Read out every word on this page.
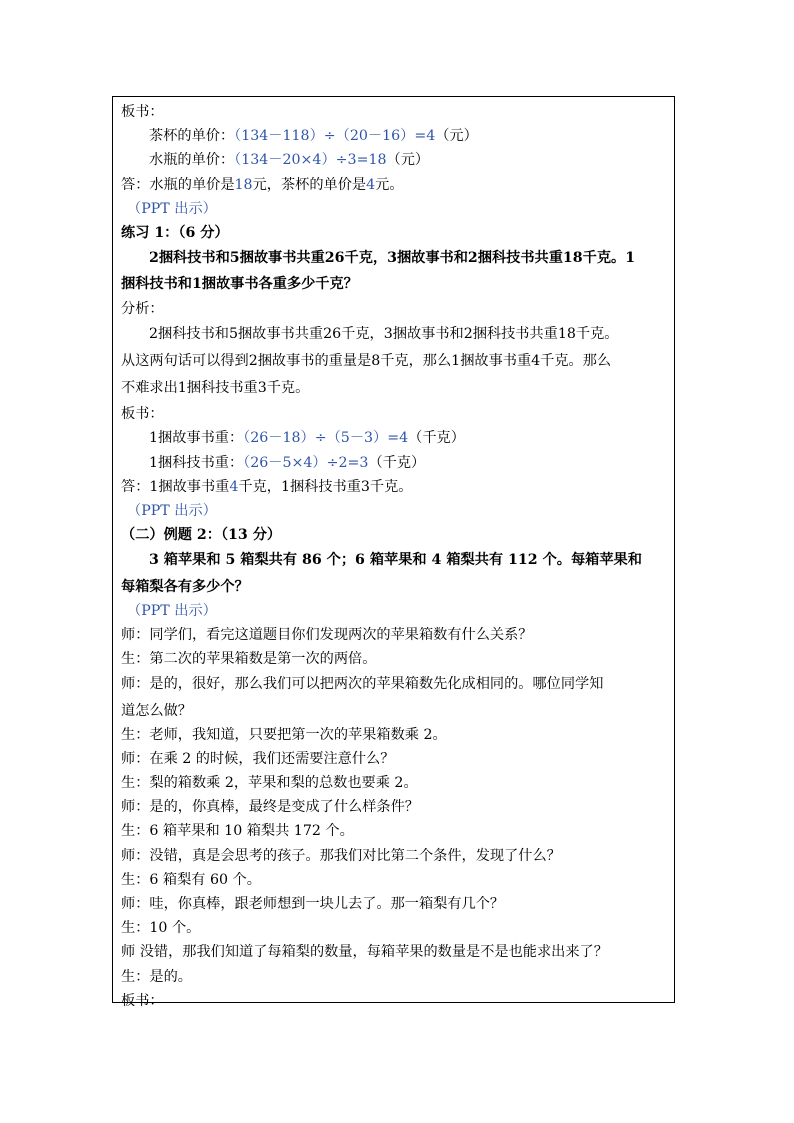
板书：
茶杯的单价：（134－118）÷（20－16）=4（元）
水瓶的单价：（134－20×4）÷3=18（元）
答：水瓶的单价是18元，茶杯的单价是4元。
（PPT 出示）
练习 1：（6 分）
2捆科技书和5捆故事书共重26千克，3捆故事书和2捆科技书共重18千克。1
捆科技书和1捆故事书各重多少千克？
分析：
2捆科技书和5捆故事书共重26千克，3捆故事书和2捆科技书共重18千克。
从这两句话可以得到2捆故事书的重量是8千克，那么1捆故事书重4千克。那么
不难求出1捆科技书重3千克。
板书：
1捆故事书重：（26－18）÷（5－3）=4（千克）
1捆科技书重：（26－5×4）÷2=3（千克）
答：1捆故事书重4千克，1捆科技书重3千克。
（PPT 出示）
（二）例题 2：（13 分）
3 箱苹果和 5 箱梨共有 86 个；6 箱苹果和 4 箱梨共有 112 个。每箱苹果和
每箱梨各有多少个？
（PPT 出示）
师：同学们，看完这道题目你们发现两次的苹果箱数有什么关系？
生：第二次的苹果箱数是第一次的两倍。
师：是的，很好，那么我们可以把两次的苹果箱数先化成相同的。哪位同学知
道怎么做？
生：老师，我知道，只要把第一次的苹果箱数乘 2。
师：在乘 2 的时候，我们还需要注意什么？
生：梨的箱数乘 2，苹果和梨的总数也要乘 2。
师：是的，你真棒，最终是变成了什么样条件？
生：6 箱苹果和 10 箱梨共 172 个。
师：没错，真是会思考的孩子。那我们对比第二个条件，发现了什么？
生：6 箱梨有 60 个。
师：哇，你真棒，跟老师想到一块儿去了。那一箱梨有几个？
生：10 个。
师 没错，那我们知道了每箱梨的数量，每箱苹果的数量是不是也能求出来了？
生：是的。
板书：
